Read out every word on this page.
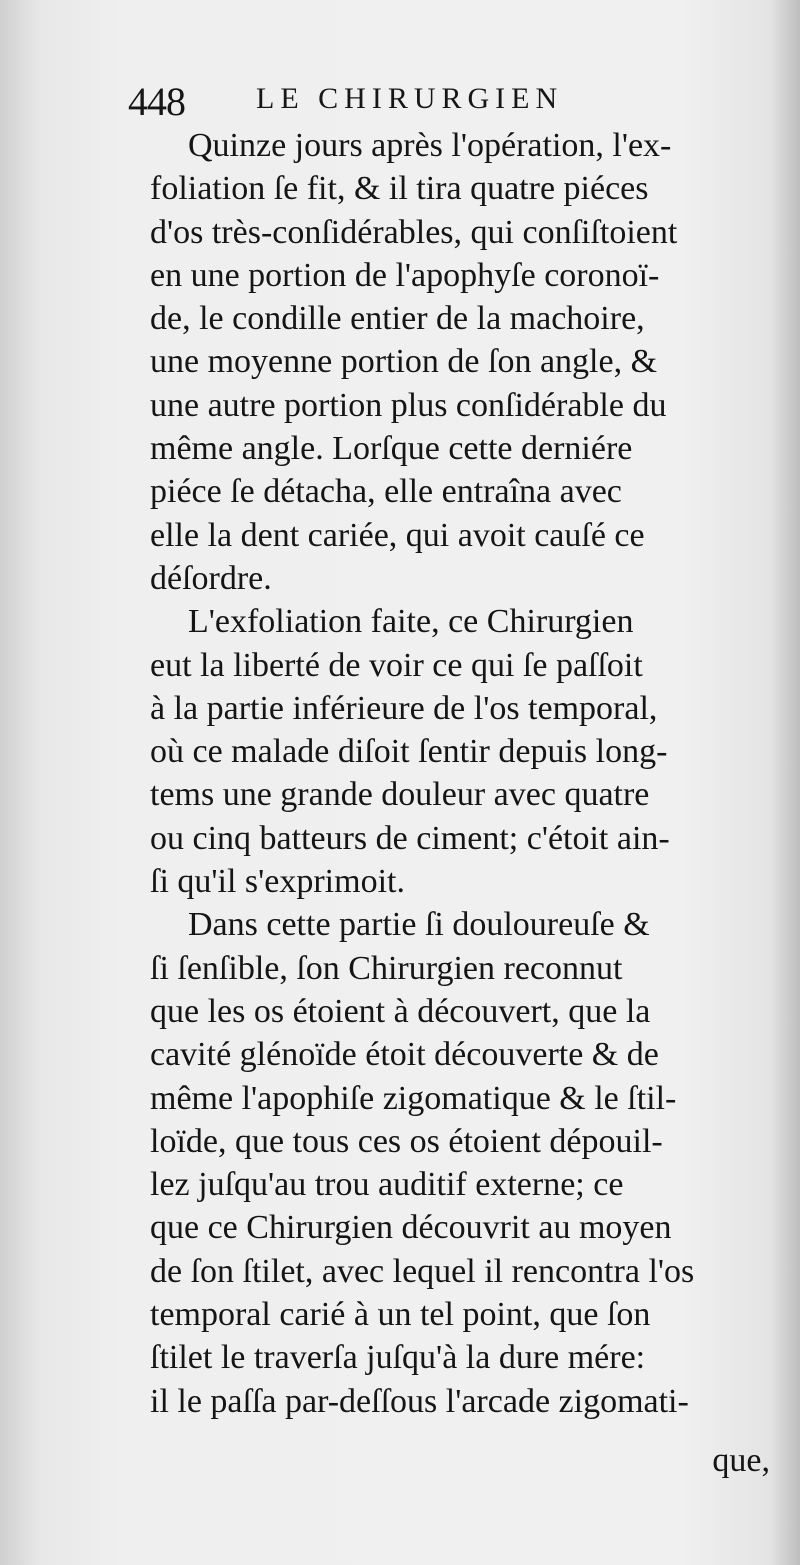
448 LE CHIRURGIEN
Quinze jours après l'opération, l'ex-
foliation ſe fit, & il tira quatre piéces
d'os très-conſidérables, qui conſiſtoient
en une portion de l'apophyſe coronoï-
de, le condille entier de la machoire,
une moyenne portion de ſon angle, &
une autre portion plus conſidérable du
même angle. Lorſque cette derniére
piéce ſe détacha, elle entraîna avec
elle la dent cariée, qui avoit cauſé ce
déſordre.
L'exfoliation faite, ce Chirurgien
eut la liberté de voir ce qui ſe paſſoit
à la partie inférieure de l'os temporal,
où ce malade diſoit ſentir depuis long-
tems une grande douleur avec quatre
ou cinq batteurs de ciment; c'étoit ain-
ſi qu'il s'exprimoit.
Dans cette partie ſi douloureuſe &
ſi ſenſible, ſon Chirurgien reconnut
que les os étoient à découvert, que la
cavité glénoïde étoit découverte & de
même l'apophiſe zigomatique & le ſtil-
loïde, que tous ces os étoient dépouil-
lez juſqu'au trou auditif externe; ce
que ce Chirurgien découvrit au moyen
de ſon ſtilet, avec lequel il rencontra l'os
temporal carié à un tel point, que ſon
ſtilet le traverſa juſqu'à la dure mére:
il le paſſa par-deſſous l'arcade zigomati-
que,
